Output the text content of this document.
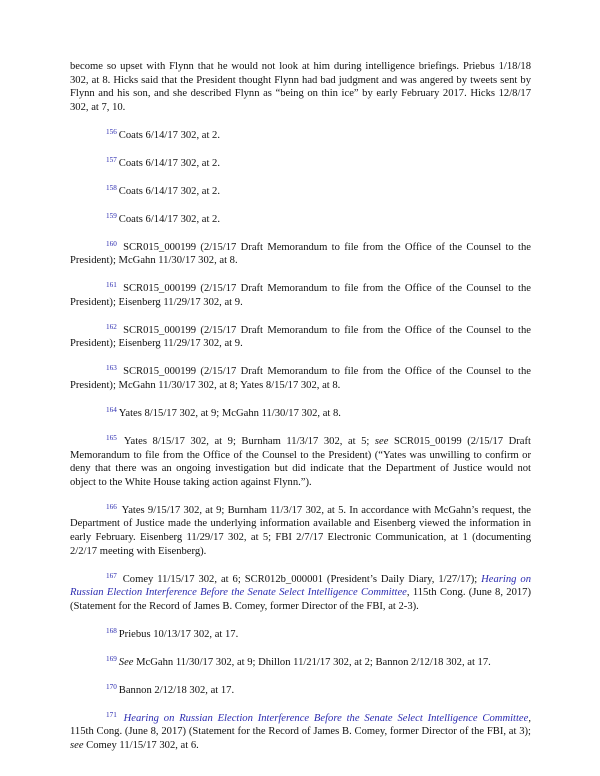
become so upset with Flynn that he would not look at him during intelligence briefings. Priebus 1/18/18 302, at 8. Hicks said that the President thought Flynn had bad judgment and was angered by tweets sent by Flynn and his son, and she described Flynn as “being on thin ice” by early February 2017. Hicks 12/8/17 302, at 7, 10.

$^{156}$ Coats 6/14/17 302, at 2.

$^{157}$ Coats 6/14/17 302, at 2.

$^{158}$ Coats 6/14/17 302, at 2.

$^{159}$ Coats 6/14/17 302, at 2.

$^{160}$ SCR015_000199 (2/15/17 Draft Memorandum to file from the Office of the Counsel to the President); McGahn 11/30/17 302, at 8.

$^{161}$ SCR015_000199 (2/15/17 Draft Memorandum to file from the Office of the Counsel to the President); Eisenberg 11/29/17 302, at 9.

$^{162}$ SCR015_000199 (2/15/17 Draft Memorandum to file from the Office of the Counsel to the President); Eisenberg 11/29/17 302, at 9.

$^{163}$ SCR015_000199 (2/15/17 Draft Memorandum to file from the Office of the Counsel to the President); McGahn 11/30/17 302, at 8; Yates 8/15/17 302, at 8.

$^{164}$ Yates 8/15/17 302, at 9; McGahn 11/30/17 302, at 8.

$^{165}$ Yates 8/15/17 302, at 9; Burnham 11/3/17 302, at 5; see SCR015_00199 (2/15/17 Draft Memorandum to file from the Office of the Counsel to the President) (“Yates was unwilling to confirm or deny that there was an ongoing investigation but did indicate that the Department of Justice would not object to the White House taking action against Flynn.”).

$^{166}$ Yates 9/15/17 302, at 9; Burnham 11/3/17 302, at 5. In accordance with McGahn’s request, the Department of Justice made the underlying information available and Eisenberg viewed the information in early February. Eisenberg 11/29/17 302, at 5; FBI 2/7/17 Electronic Communication, at 1 (documenting 2/2/17 meeting with Eisenberg).

$^{167}$ Comey 11/15/17 302, at 6; SCR012b_000001 (President’s Daily Diary, 1/27/17); Hearing on Russian Election Interference Before the Senate Select Intelligence Committee, 115th Cong. (June 8, 2017) (Statement for the Record of James B. Comey, former Director of the FBI, at 2-3).

$^{168}$ Priebus 10/13/17 302, at 17.

$^{169}$ See McGahn 11/30/17 302, at 9; Dhillon 11/21/17 302, at 2; Bannon 2/12/18 302, at 17.

$^{170}$ Bannon 2/12/18 302, at 17.

$^{171}$ Hearing on Russian Election Interference Before the Senate Select Intelligence Committee, 115th Cong. (June 8, 2017) (Statement for the Record of James B. Comey, former Director of the FBI, at 3); see Comey 11/15/17 302, at 6.
